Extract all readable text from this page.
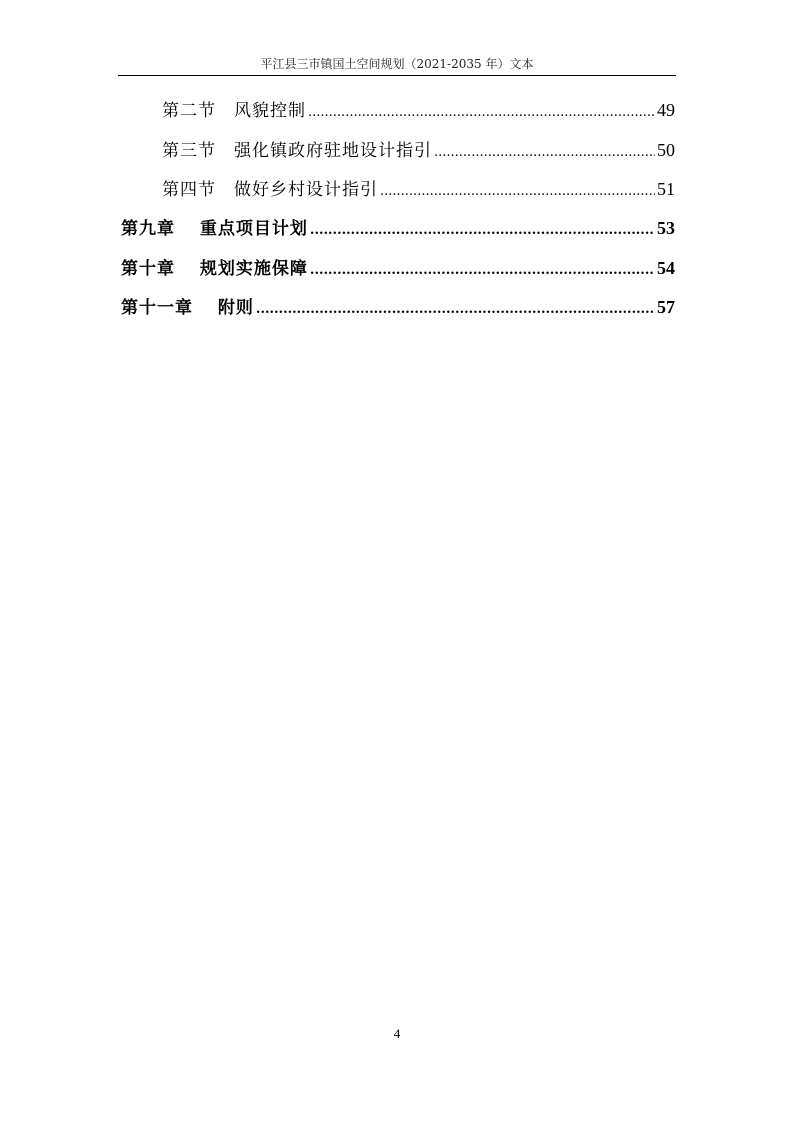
平江县三市镇国土空间规划（2021-2035 年）文本
第二节　风貌控制 .....	49
第三节　强化镇政府驻地设计指引 .....	50
第四节　做好乡村设计指引 .....	51
第九章　 重点项目计划 .....	53
第十章　 规划实施保障 .....	54
第十一章　 附则 .....	57
4
